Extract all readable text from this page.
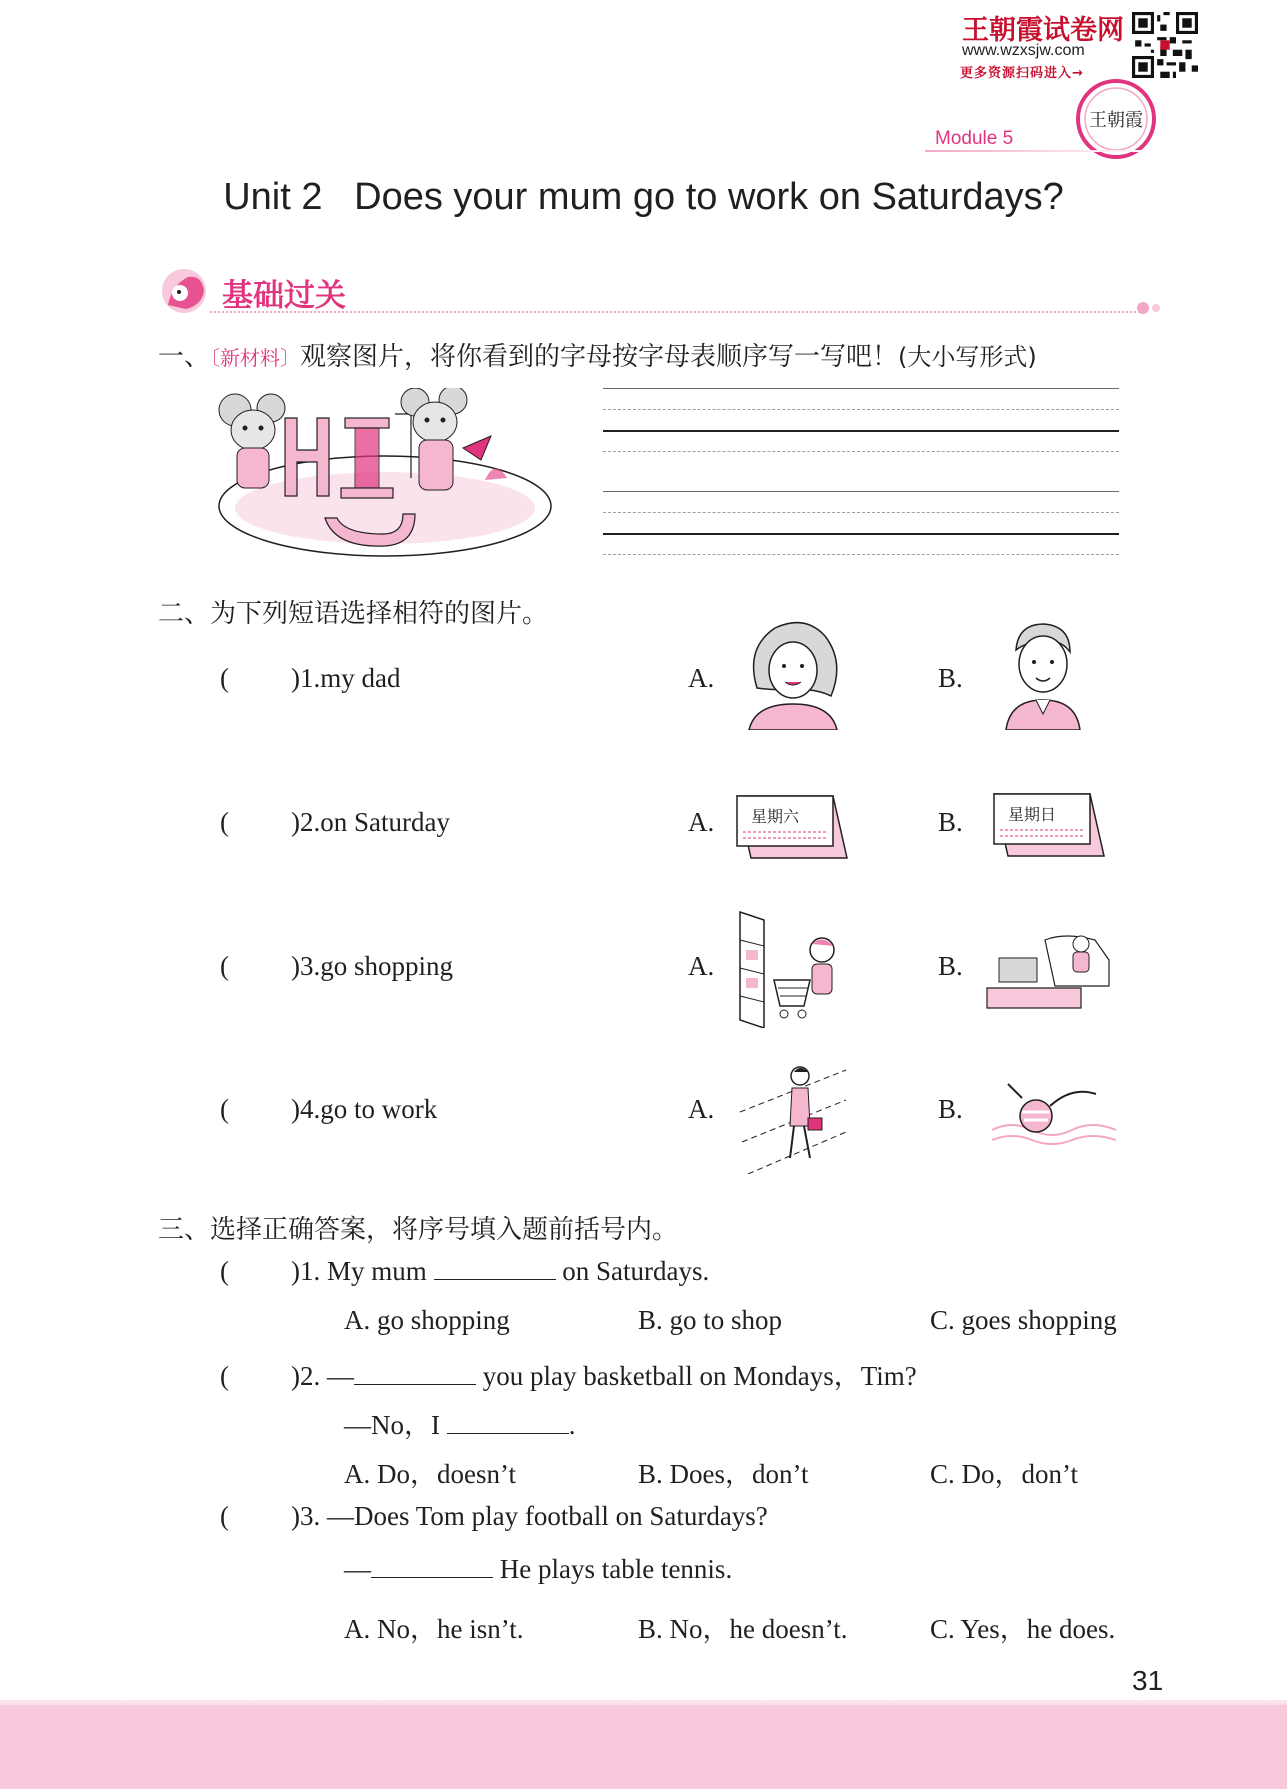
王朝霞试卷网
www.wzxsjw.com
更多资源扫码进入→
王朝霞
Module 5
Unit 2   Does your mum go to work on Saturdays?
基础过关
一、〔新材料〕观察图片，将你看到的字母按字母表顺序写一写吧！(大小写形式)
二、为下列短语选择相符的图片。
( )1.my dad	A.	B.
( )2.on Saturday	A.	B.
( )3.go shopping	A.	B.
( )4.go to work	A.	B.
星期六	星期日
三、选择正确答案，将序号填入题前括号内。
( )1. My mum	on Saturdays.
A. go shopping	B. go to shop	C. goes shopping
( )2. —	you play basketball on Mondays，Tim?
—No，I	.
A. Do，doesn’t	B. Does，don’t	C. Do，don’t
( )3. —Does Tom play football on Saturdays?
—	He plays table tennis.
A. No，he isn’t.	B. No，he doesn’t.	C. Yes，he does.
31
